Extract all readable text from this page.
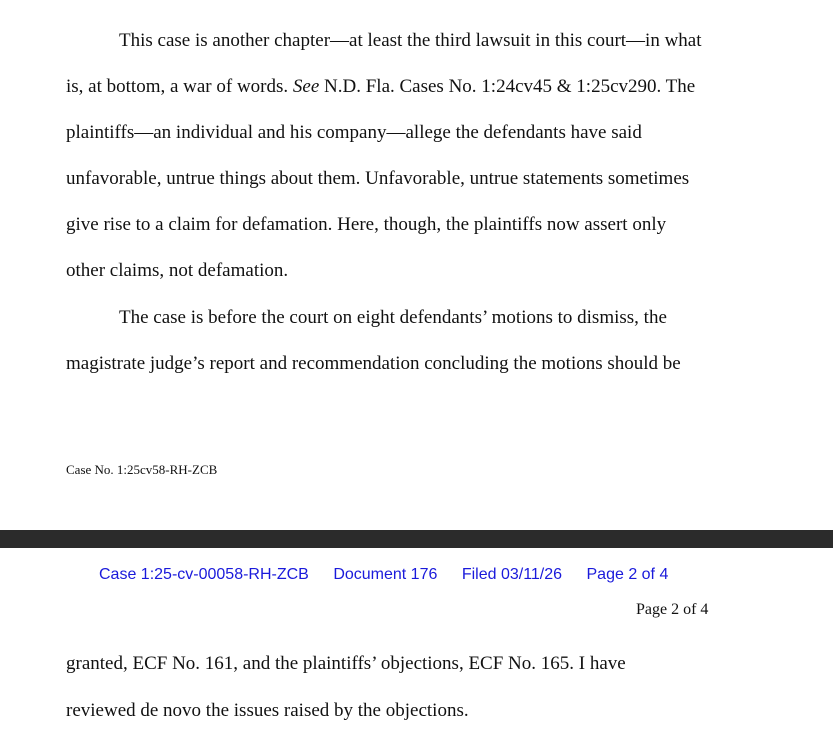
This case is another chapter—at least the third lawsuit in this court—in what
is, at bottom, a war of words. See N.D. Fla. Cases No. 1:24cv45 & 1:25cv290. The
plaintiffs—an individual and his company—allege the defendants have said
unfavorable, untrue things about them. Unfavorable, untrue statements sometimes
give rise to a claim for defamation. Here, though, the plaintiffs now assert only
other claims, not defamation.
The case is before the court on eight defendants’ motions to dismiss, the
magistrate judge’s report and recommendation concluding the motions should be
Case No. 1:25cv58-RH-ZCB
Case 1:25-cv-00058-RH-ZCB Document 176 Filed 03/11/26 Page 2 of 4
Page 2 of 4
granted, ECF No. 161, and the plaintiffs’ objections, ECF No. 165. I have
reviewed de novo the issues raised by the objections.
